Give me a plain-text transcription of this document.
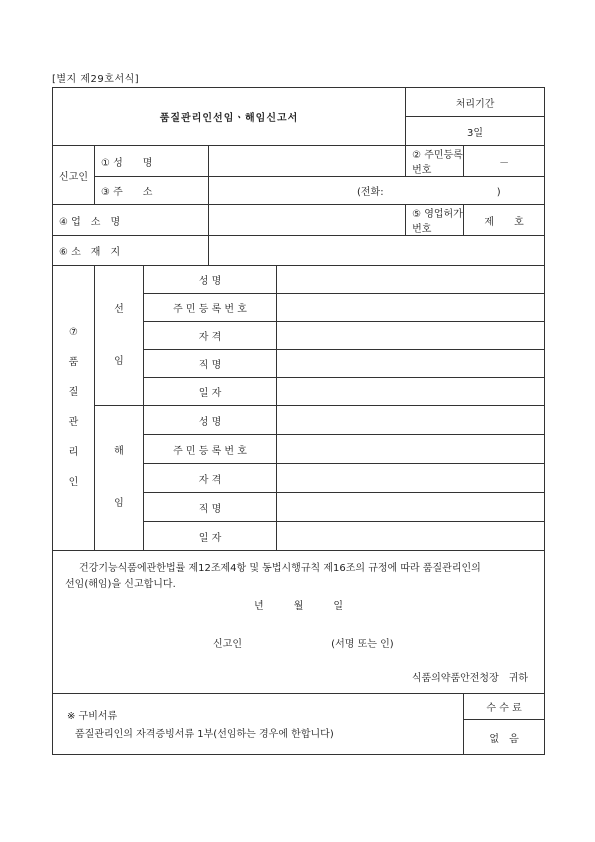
[별지 제29호서식]
품질관리인선임ㆍ해임신고서					처리기간	
					3일	
신고인	① 성　　명				② 주민등록번호	－
	③ 주　　소		(전화: )			
④ 업　소　명					⑤ 영업허가번호	제　　호
⑥ 소　재　지						

⑦ 품 질 관 리 인	선 임	성 명				
		주 민 등 록 번 호				
		자 격				
		직 명				
		일 자				

	해 임	성 명				
		주 민 등 록 번 호				
		자 격				
		직 명				
		일 자				

건강기능식품에관한법률 제12조제4항 및 동법시행규칙 제16조의 규정에 따라 품질관리인의
선임(해임)을 신고합니다.
년　　　월　　　일
신고인 (서명 또는 인)
식품의약품안전청장　귀하						

※ 구비서류
품질관리인의 자격증빙서류 1부(선임하는 경우에 한합니다)						수 수 료
						없　음
